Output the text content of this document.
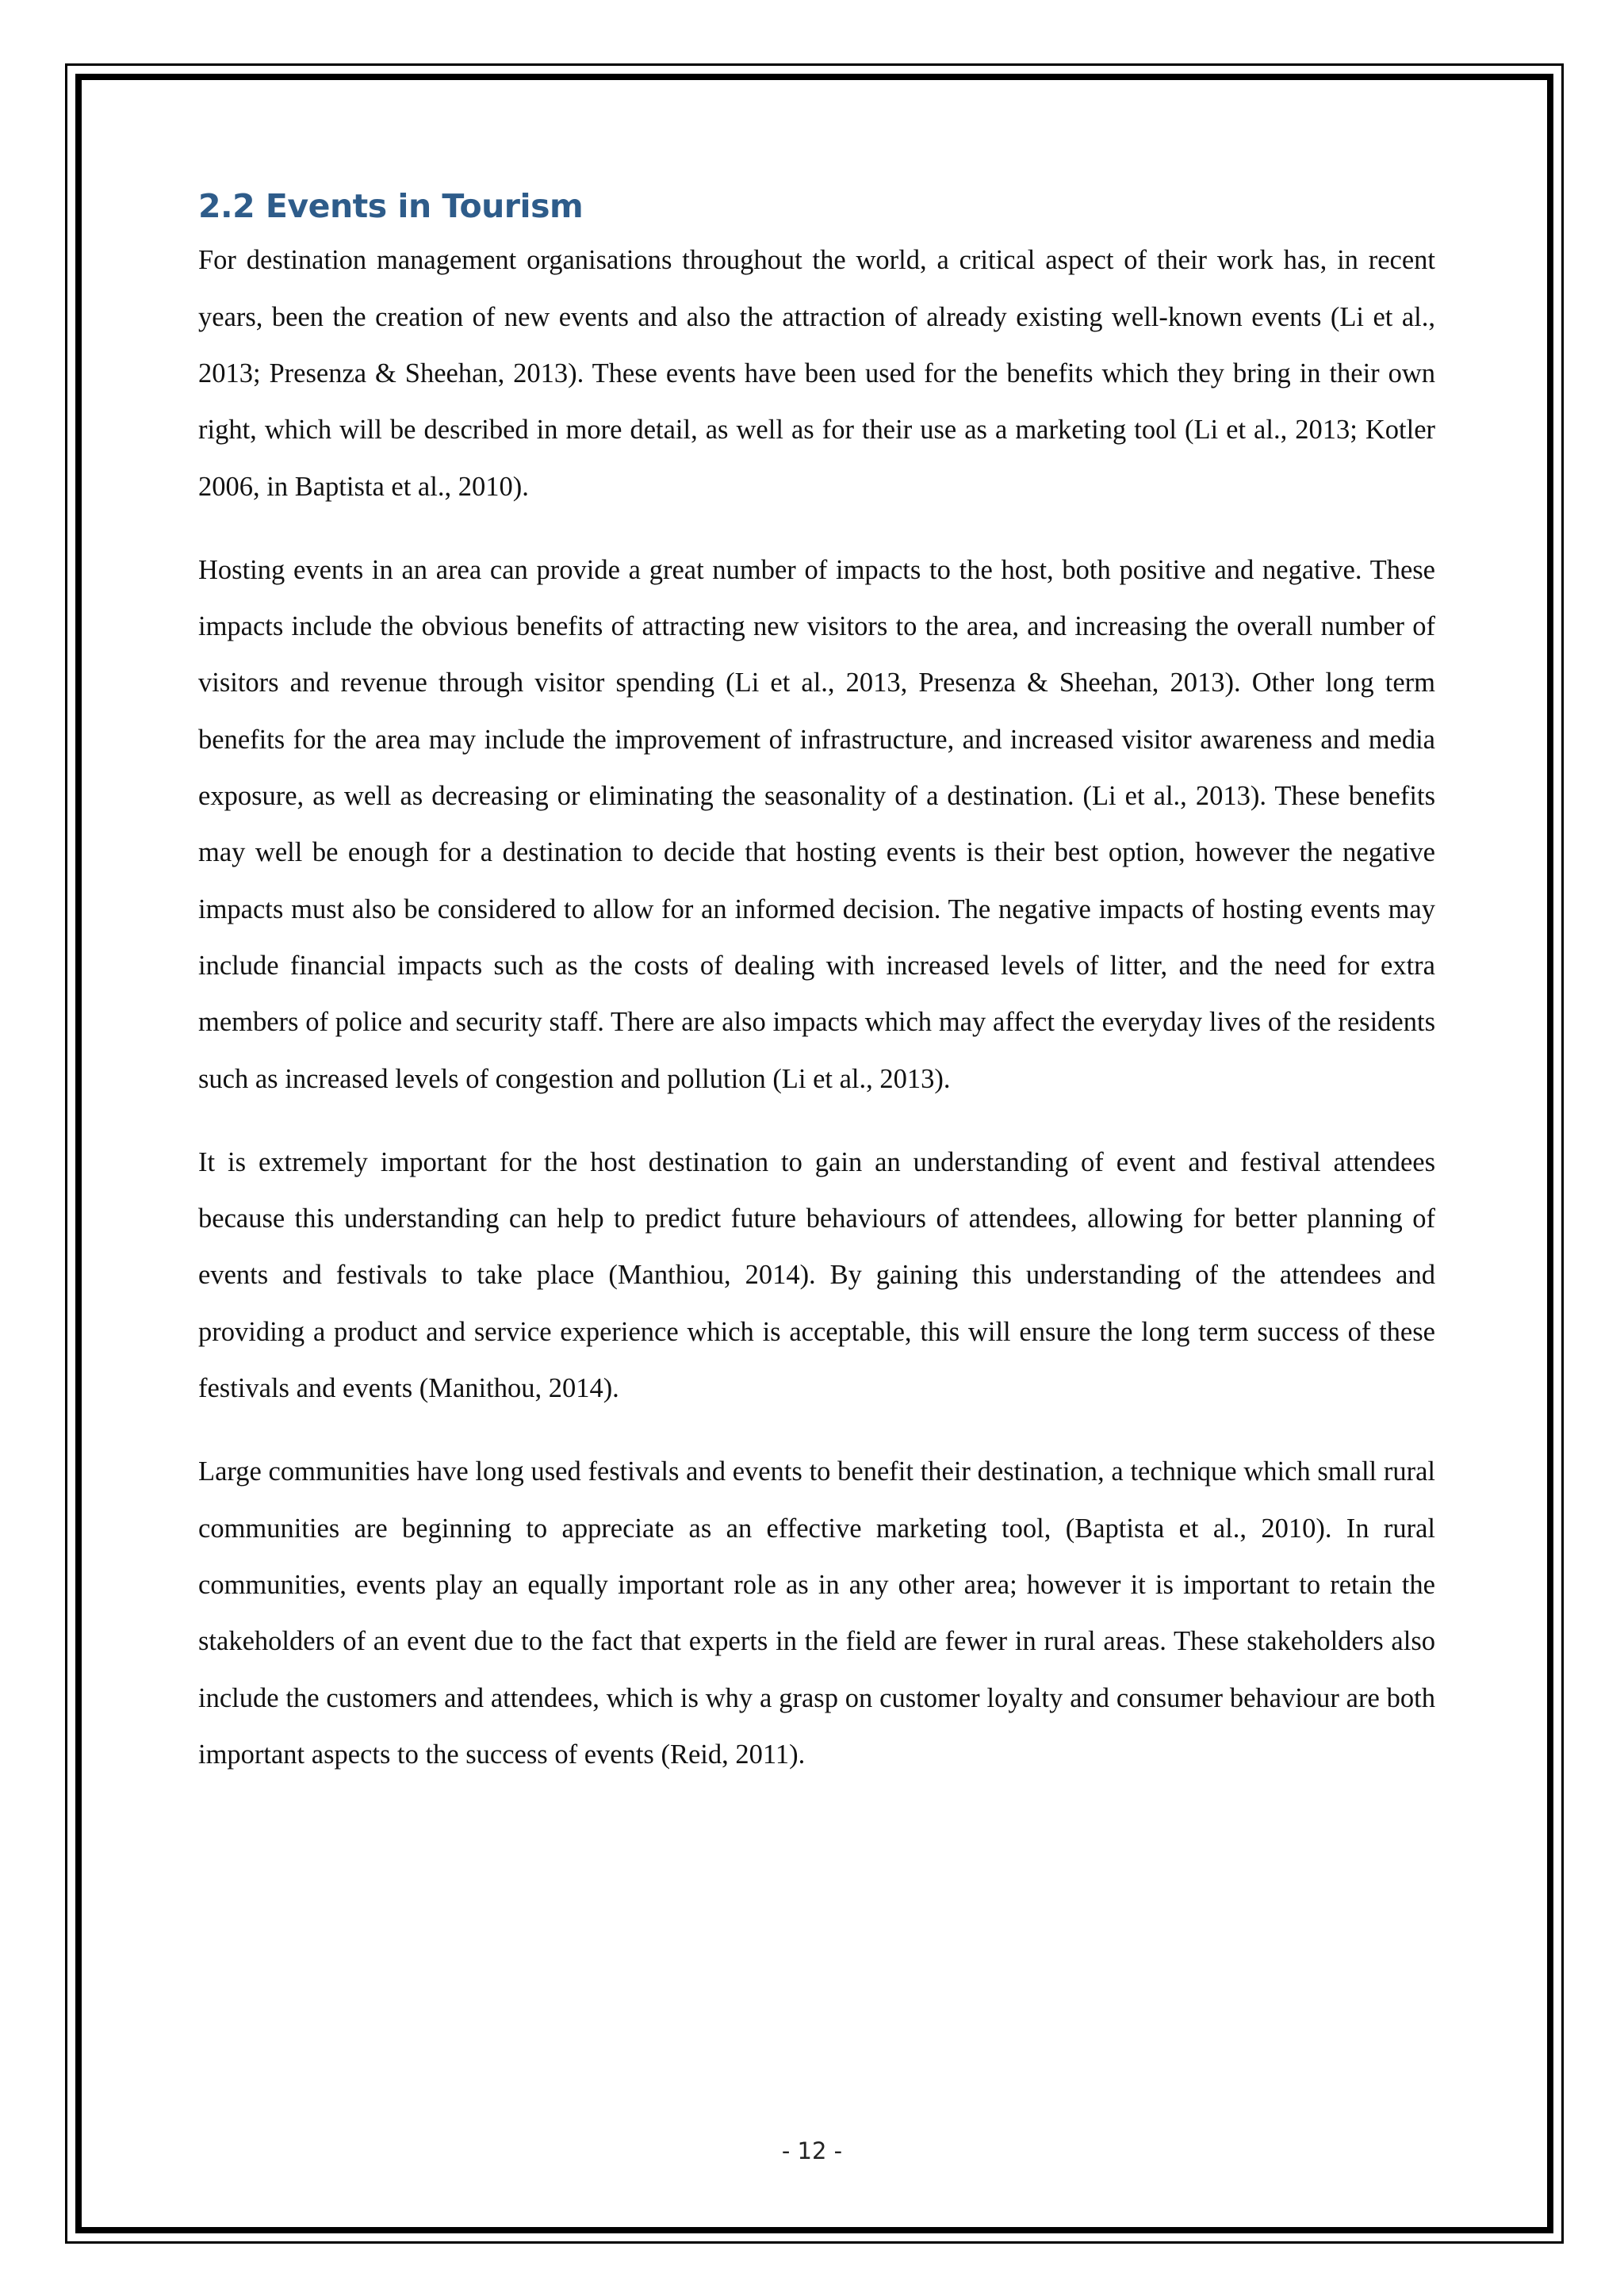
2.2 Events in Tourism

For destination management organisations throughout the world, a critical aspect of their work has, in recent years, been the creation of new events and also the attraction of already existing well-known events (Li et al., 2013; Presenza & Sheehan, 2013). These events have been used for the benefits which they bring in their own right, which will be described in more detail, as well as for their use as a marketing tool (Li et al., 2013; Kotler 2006, in Baptista et al., 2010).

Hosting events in an area can provide a great number of impacts to the host, both positive and negative. These impacts include the obvious benefits of attracting new visitors to the area, and increasing the overall number of visitors and revenue through visitor spending (Li et al., 2013, Presenza & Sheehan, 2013). Other long term benefits for the area may include the improvement of infrastructure, and increased visitor awareness and media exposure, as well as decreasing or eliminating the seasonality of a destination. (Li et al., 2013). These benefits may well be enough for a destination to decide that hosting events is their best option, however the negative impacts must also be considered to allow for an informed decision. The negative impacts of hosting events may include financial impacts such as the costs of dealing with increased levels of litter, and the need for extra members of police and security staff. There are also impacts which may affect the everyday lives of the residents such as increased levels of congestion and pollution (Li et al., 2013).

It is extremely important for the host destination to gain an understanding of event and festival attendees because this understanding can help to predict future behaviours of attendees, allowing for better planning of events and festivals to take place (Manthiou, 2014). By gaining this understanding of the attendees and providing a product and service experience which is acceptable, this will ensure the long term success of these festivals and events (Manithou, 2014).

Large communities have long used festivals and events to benefit their destination, a technique which small rural communities are beginning to appreciate as an effective marketing tool, (Baptista et al., 2010). In rural communities, events play an equally important role as in any other area; however it is important to retain the stakeholders of an event due to the fact that experts in the field are fewer in rural areas. These stakeholders also include the customers and attendees, which is why a grasp on customer loyalty and consumer behaviour are both important aspects to the success of events (Reid, 2011).

- 12 -
